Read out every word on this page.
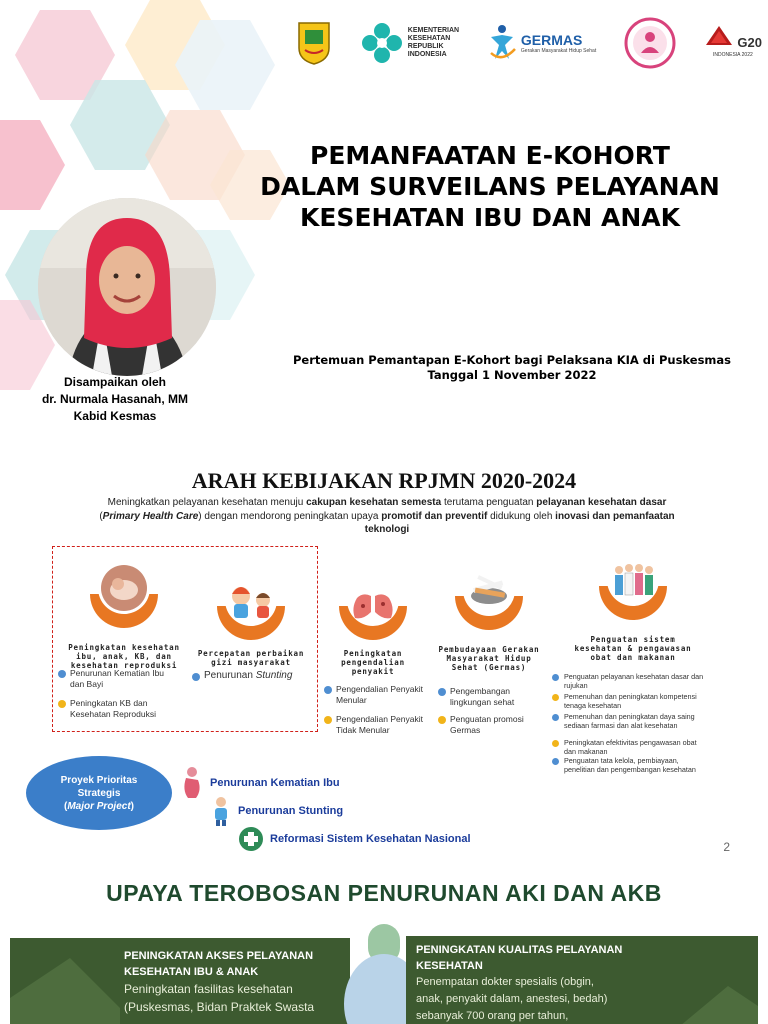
KEMENTERIAN
KESEHATAN
REPUBLIK
INDONESIA
GERMAS
Gerakan Masyarakat Hidup Sehat
G20
INDONESIA 2022
PEMANFAATAN E-KOHORT
DALAM SURVEILANS PELAYANAN
KESEHATAN IBU DAN ANAK
Disampaikan oleh
dr. Nurmala Hasanah, MM
Kabid Kesmas
Pertemuan Pemantapan E-Kohort bagi Pelaksana KIA di Puskesmas
Tanggal 1 November 2022
ARAH KEBIJAKAN RPJMN 2020-2024

Meningkatkan pelayanan kesehatan menuju cakupan kesehatan semesta terutama penguatan pelayanan kesehatan dasar (Primary Health Care) dengan mendorong peningkatan upaya promotif dan preventif didukung oleh inovasi dan pemanfaatan teknologi

Peningkatan kesehatan ibu, anak, KB, dan kesehatan reproduksi
Percepatan perbaikan gizi masyarakat
Peningkatan pengendalian penyakit
Pembudayaan Gerakan Masyarakat Hidup Sehat (Germas)
Penguatan sistem kesehatan & pengawasan obat dan makanan
Penurunan Kematian Ibu dan Bayi
Peningkatan KB dan Kesehatan Reproduksi
Penurunan Stunting
Pengendalian Penyakit Menular
Pengendalian Penyakit Tidak Menular
Pengembangan lingkungan sehat
Penguatan promosi Germas
Penguatan pelayanan kesehatan dasar dan rujukan
Pemenuhan dan peningkatan kompetensi tenaga kesehatan
Pemenuhan dan peningkatan daya saing sediaan farmasi dan alat kesehatan
Peningkatan efektivitas pengawasan obat dan makanan
Penguatan tata kelola, pembiayaan, penelitian dan pengembangan kesehatan
Proyek Prioritas
Strategis
(Major Project)
Penurunan Kematian Ibu
Penurunan Stunting
Reformasi Sistem Kesehatan Nasional
2
UPAYA TEROBOSAN PENURUNAN AKI DAN AKB
PENINGKATAN AKSES PELAYANAN
KESEHATAN IBU & ANAK
Peningkatan fasilitas kesehatan
(Puskesmas, Bidan Praktek Swasta
PENINGKATAN KUALITAS PELAYANAN
KESEHATAN
Penempatan dokter spesialis (obgin,
anak, penyakit dalam, anestesi, bedah)
sebanyak 700 orang per tahun,
